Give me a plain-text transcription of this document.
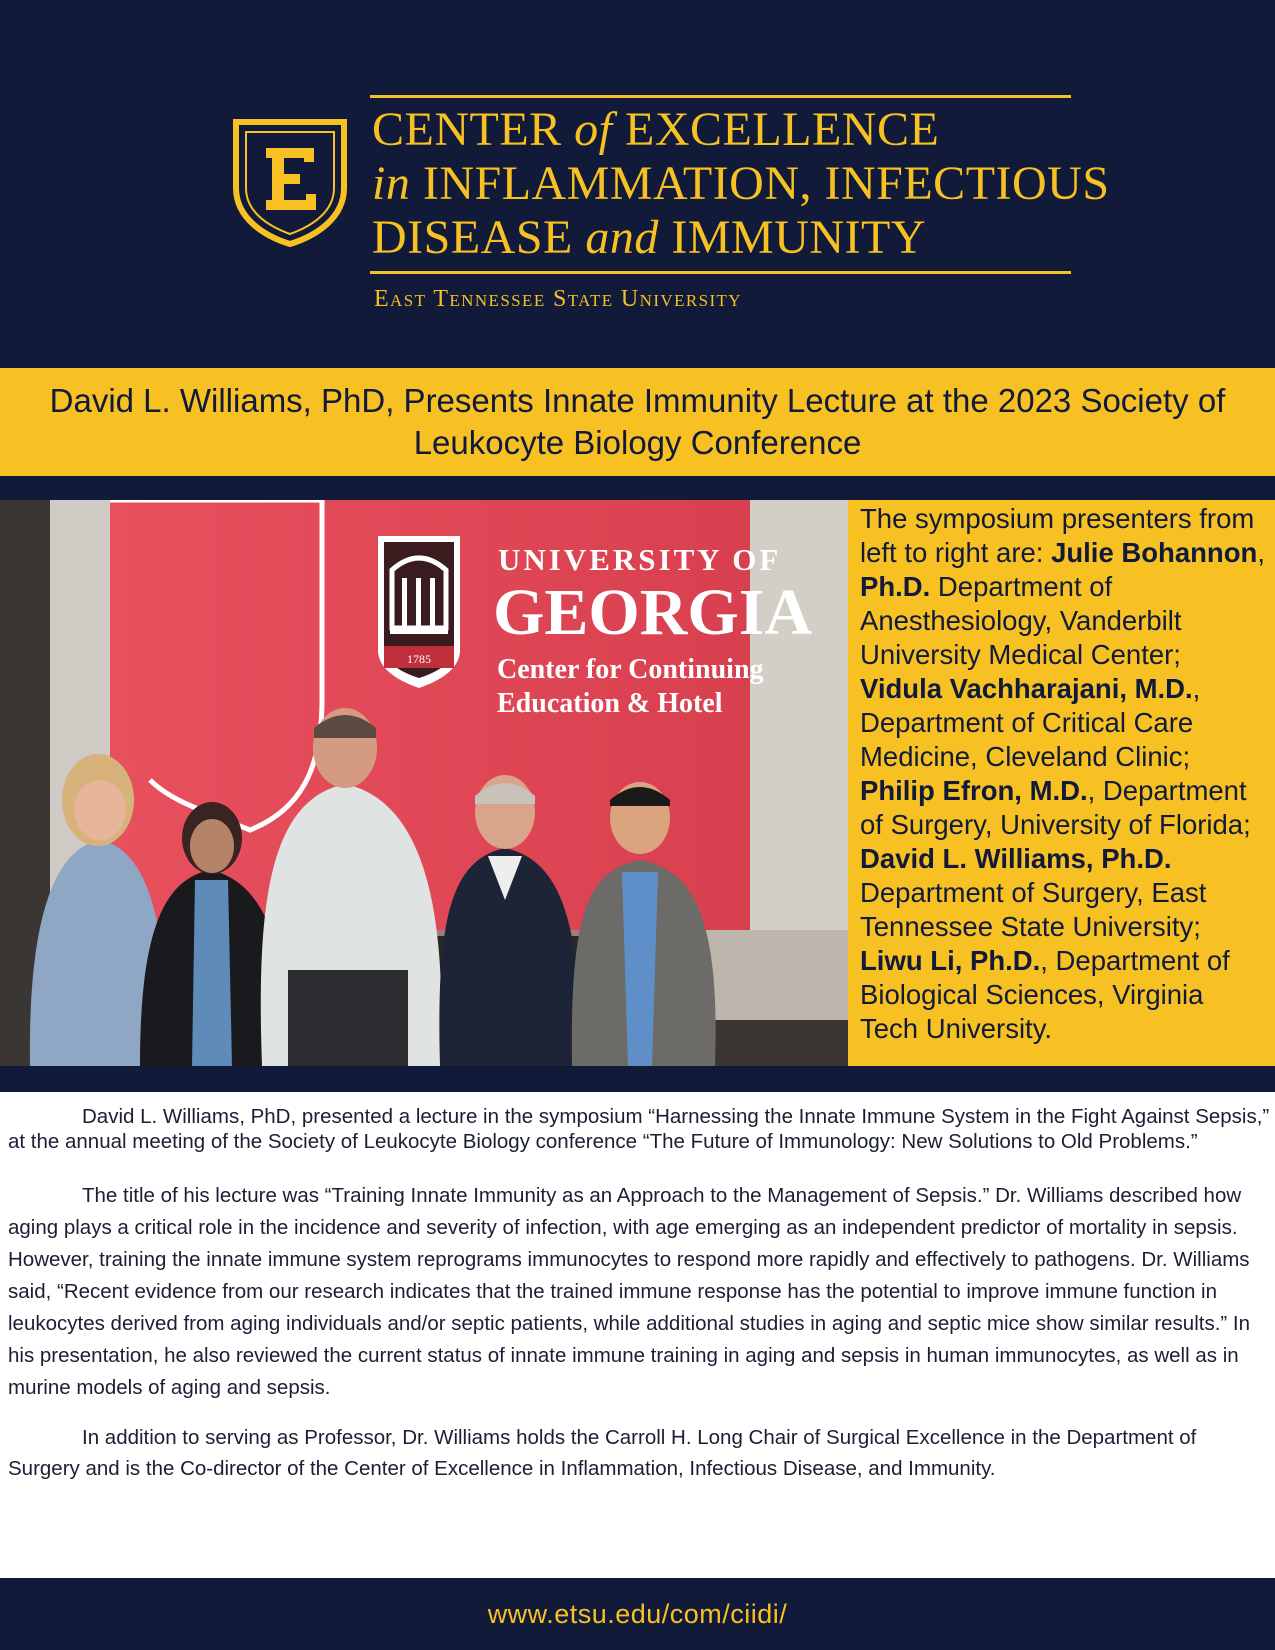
CENTER of EXCELLENCE
in INFLAMMATION, INFECTIOUS
DISEASE and IMMUNITY
East Tennessee State University
David L. Williams, PhD, Presents Innate Immunity Lecture at the 2023 Society of Leukocyte Biology Conference
1785
UNIVERSITY OF
GEORGIA
Center for Continuing
Education & Hotel

The symposium presenters from left to right are: Julie Bohannon, Ph.D. Department of Anesthesiology, Vanderbilt University Medical Center; Vidula Vachharajani, M.D., Department of Critical Care Medicine, Cleveland Clinic; Philip Efron, M.D., Department of Surgery, University of Florida; David L. Williams, Ph.D. Department of Surgery, East Tennessee State University; Liwu Li, Ph.D., Department of Biological Sciences, Virginia Tech University.

David L. Williams, PhD, presented a lecture in the symposium “Harnessing the Innate Immune System in the Fight Against Sepsis,” at the annual meeting of the Society of Leukocyte Biology conference “The Future of Immunology: New Solutions to Old Problems.”

The title of his lecture was “Training Innate Immunity as an Approach to the Management of Sepsis.” Dr. Williams described how aging plays a critical role in the incidence and severity of infection, with age emerging as an independent predictor of mortality in sepsis. However, training the innate immune system reprograms immunocytes to respond more rapidly and effectively to pathogens. Dr. Williams said, “Recent evidence from our research indicates that the trained immune response has the potential to improve immune function in leukocytes derived from aging individuals and/or septic patients, while additional studies in aging and septic mice show similar results.” In his presentation, he also reviewed the current status of innate immune training in aging and sepsis in human immunocytes, as well as in murine models of aging and sepsis.

In addition to serving as Professor, Dr. Williams holds the Carroll H. Long Chair of Surgical Excellence in the Department of Surgery and is the Co-director of the Center of Excellence in Inflammation, Infectious Disease, and Immunity.

www.etsu.edu/com/ciidi/
